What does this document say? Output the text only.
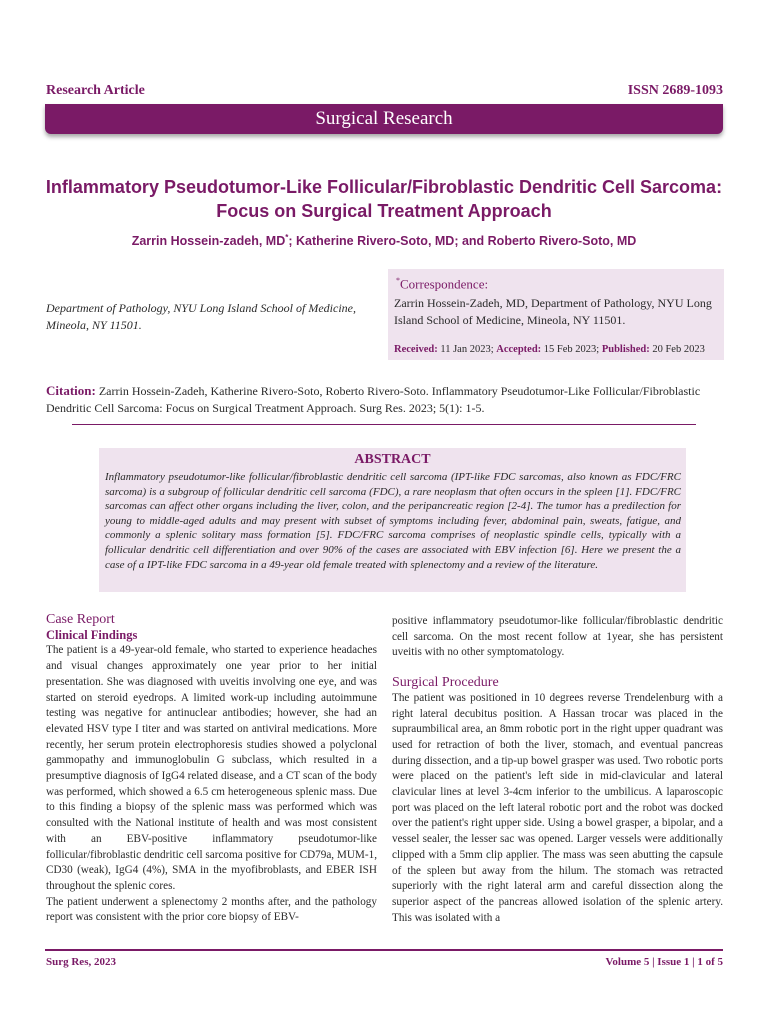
Research Article	ISSN 2689-1093
Surgical Research
Inflammatory Pseudotumor-Like Follicular/Fibroblastic Dendritic Cell Sarcoma:
Focus on Surgical Treatment Approach
Zarrin Hossein-zadeh, MD*; Katherine Rivero-Soto, MD; and Roberto Rivero-Soto, MD
Department of Pathology, NYU Long Island School of Medicine, Mineola, NY 11501.
*Correspondence:
Zarrin Hossein-Zadeh, MD, Department of Pathology, NYU Long Island School of Medicine, Mineola, NY 11501.
Received: 11 Jan 2023; Accepted: 15 Feb 2023; Published: 20 Feb 2023
Citation: Zarrin Hossein-Zadeh, Katherine Rivero-Soto, Roberto Rivero-Soto. Inflammatory Pseudotumor-Like Follicular/Fibroblastic Dendritic Cell Sarcoma: Focus on Surgical Treatment Approach. Surg Res. 2023; 5(1): 1-5.
ABSTRACT
Inflammatory pseudotumor-like follicular/fibroblastic dendritic cell sarcoma (IPT-like FDC sarcomas, also known as FDC/FRC sarcoma) is a subgroup of follicular dendritic cell sarcoma (FDC), a rare neoplasm that often occurs in the spleen [1]. FDC/FRC sarcomas can affect other organs including the liver, colon, and the peripancreatic region [2-4]. The tumor has a predilection for young to middle-aged adults and may present with subset of symptoms including fever, abdominal pain, sweats, fatigue, and commonly a splenic solitary mass formation [5]. FDC/FRC sarcoma comprises of neoplastic spindle cells, typically with a follicular dendritic cell differentiation and over 90% of the cases are associated with EBV infection [6]. Here we present the a case of a IPT-like FDC sarcoma in a 49-year old female treated with splenectomy and a review of the literature.
Case Report
Clinical Findings

The patient is a 49-year-old female, who started to experience headaches and visual changes approximately one year prior to her initial presentation. She was diagnosed with uveitis involving one eye, and was started on steroid eyedrops. A limited work-up including autoimmune testing was negative for antinuclear antibodies; however, she had an elevated HSV type I titer and was started on antiviral medications. More recently, her serum protein electrophoresis studies showed a polyclonal gammopathy and immunoglobulin G subclass, which resulted in a presumptive diagnosis of IgG4 related disease, and a CT scan of the body was performed, which showed a 6.5 cm heterogeneous splenic mass. Due to this finding a biopsy of the splenic mass was performed which was consulted with the National institute of health and was most consistent with an EBV-positive inflammatory pseudotumor-like follicular/fibroblastic dendritic cell sarcoma positive for CD79a, MUM-1, CD30 (weak), IgG4 (4%), SMA in the myofibroblasts, and EBER ISH throughout the splenic cores.

The patient underwent a splenectomy 2 months after, and the pathology report was consistent with the prior core biopsy of EBV-

positive inflammatory pseudotumor-like follicular/fibroblastic dendritic cell sarcoma. On the most recent follow at 1year, she has persistent uveitis with no other symptomatology.

Surgical Procedure

The patient was positioned in 10 degrees reverse Trendelenburg with a right lateral decubitus position. A Hassan trocar was placed in the supraumbilical area, an 8mm robotic port in the right upper quadrant was used for retraction of both the liver, stomach, and eventual pancreas during dissection, and a tip-up bowel grasper was used. Two robotic ports were placed on the patient's left side in mid-clavicular and lateral clavicular lines at level 3-4cm inferior to the umbilicus. A laparoscopic port was placed on the left lateral robotic port and the robot was docked over the patient's right upper side. Using a bowel grasper, a bipolar, and a vessel sealer, the lesser sac was opened. Larger vessels were additionally clipped with a 5mm clip applier. The mass was seen abutting the capsule of the spleen but away from the hilum. The stomach was retracted superiorly with the right lateral arm and careful dissection along the superior aspect of the pancreas allowed isolation of the splenic artery. This was isolated with a

Surg Res, 2023	Volume 5 | Issue 1 | 1 of 5
